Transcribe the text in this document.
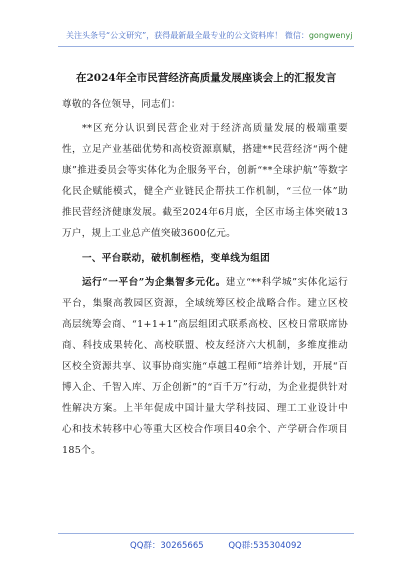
关注头条号“公文研究”，获得最新最全最专业的公文资料库！ 微信：gongwenyj
在2024年全市民营经济高质量发展座谈会上的汇报发言
尊敬的各位领导，同志们：
**区充分认识到民营企业对于经济高质量发展的极端重要性，立足产业基础优势和高校资源禀赋，搭建**民营经济“两个健康”推进委员会等实体化为企服务平台，创新“**全球护航”等数字化民企赋能模式，健全产业链民企帮扶工作机制，“三位一体”助推民营经济健康发展。截至2024年6月底，全区市场主体突破13万户，规上工业总产值突破3600亿元。
一、平台联动，破机制桎梏，变单线为组团
运行“一平台”为企集智多元化。建立“**科学城”实体化运行平台，集聚高教园区资源，全域统筹区校企战略合作。建立区校高层统筹会商、“1+1+1”高层组团式联系高校、区校日常联席协商、科技成果转化、高校联盟、校友经济六大机制，多维度推动区校全资源共享、议事协商实施“卓越工程师”培养计划，开展“百博入企、千智入库、万企创新”的“百千万”行动，为企业提供针对性解决方案。上半年促成中国计量大学科技园、理工工业设计中心和技术转移中心等重大区校合作项目40余个、产学研合作项目185个。
QQ群：30265665	QQ群:535304092
